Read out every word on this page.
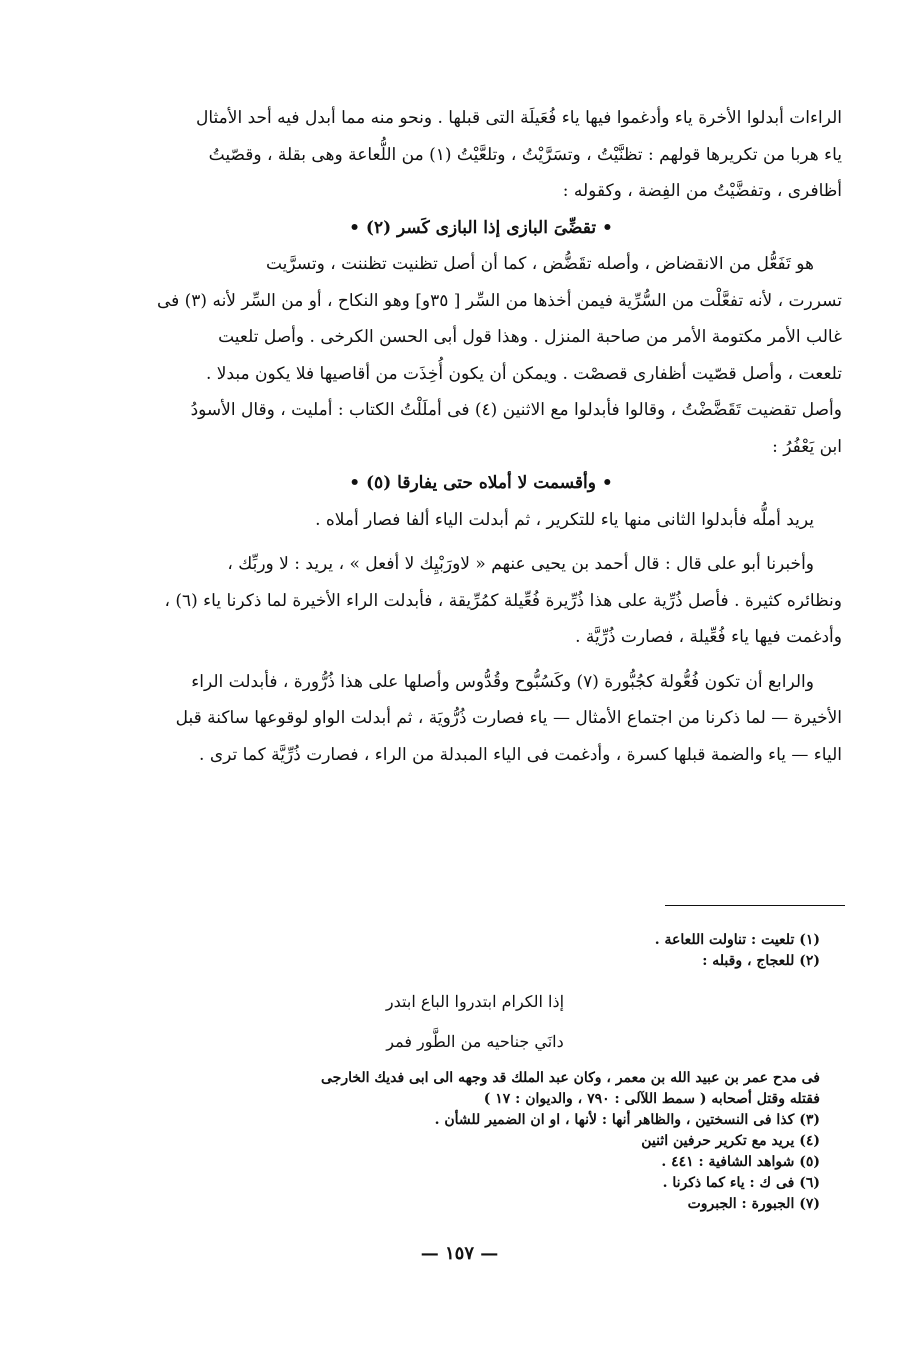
الراءات أبدلوا الأخرة ياء وأدغموا فيها ياء فُعَيلَة التى قبلها . ونحو منه مما أبدل فيه أحد الأمثال

ياء هربا من تكريرها قولهم : تظنَّيْتُ ، وتسَرَّيْتُ ، وتلعَّيْتُ (١) من اللُّعاعة وهى بقلة ، وقصّيتُ

أظافرى ، وتفضَّيْتُ من الفِضة ، وكقوله :

• تقضِّىَ البازى إذا البازى كَسر (٢) •

هو تَفَعُّل من الانقضاض ، وأصله تقَضُّض ، كما أن أصل تظنيت تظننت ، وتسرَّيت

تسررت ، لأنه تفعَّلْت من السُّرِّية فيمن أخذها من السِّر [ ٣٥و] وهو النكاح ، أو من السِّر لأنه (٣) فى

غالب الأمر مكتومة الأمر من صاحبة المنزل . وهذا قول أبى الحسن الكرخى . وأصل تلعيت

تلععت ، وأصل قصّيت أظفارى قصصْت . ويمكن أن يكون أُخِذَت من أقاصيها فلا يكون مبدلا .

وأصل تقضيت تَقَضَّضْتُ ، وقالوا فأبدلوا مع الاثنين (٤) فى أملَلْتُ الكتاب : أمليت ، وقال الأسودُ

ابن يَعْفُرُ :

• وأقسمت لا أملاه حتى يفارقا (٥) •

يريد أملُّه فأبدلوا الثانى منها ياء للتكرير ، ثم أبدلت الياء ألفا فصار أملاه .

وأخبرنا أبو على قال : قال أحمد بن يحيى عنهم « لاورَبْيِك لا أفعل » ، يريد : لا وربِّك ،

ونظائره كثيرة . فأصل ذُرِّية على هذا ذُرِّيرة فُعِّيلة كمُرِّيقة ، فأبدلت الراء الأخيرة لما ذكرنا ياء (٦) ،

وأدغمت فيها ياء فُعِّيلة ، فصارت ذُرِّيَّة .

والرابع أن تكون فُعُّولة كجُبُّورة (٧) وكَسُبُّوح وقُدُّوس وأصلها على هذا ذُرُّورة ، فأبدلت الراء

الأخيرة — لما ذكرنا من اجتماع الأمثال — ياء فصارت ذُرُّويَة ، ثم أبدلت الواو لوقوعها ساكنة قبل

الياء — ياء والضمة قبلها كسرة ، وأدغمت فى الياء المبدلة من الراء ، فصارت ذُرِّيَّة كما ترى .

(١) تلعيت : تناولت اللعاعة .

(٢) للعجاج ، وقبله :

إذا الكرام ابتدروا الباع ابتدر

دانَي جناحيه من الطَّور فمر

فى مدح عمر بن عبيد الله بن معمر ، وكان عبد الملك قد وجهه الى ابى فديك الخارجى

فقتله وقتل أصحابه ( سمط اللآلى : ٧٩٠ ، والديوان : ١٧ )

(٣) كذا فى النسختين ، والظاهر أنها : لأنها ، او ان الضمير للشأن .

(٤) يريد مع تكرير حرفين اثنين

(٥) شواهد الشافية : ٤٤١ .

(٦) فى ك : ياء كما ذكرنا .

(٧) الجبورة : الجبروت

— ١٥٧ —
